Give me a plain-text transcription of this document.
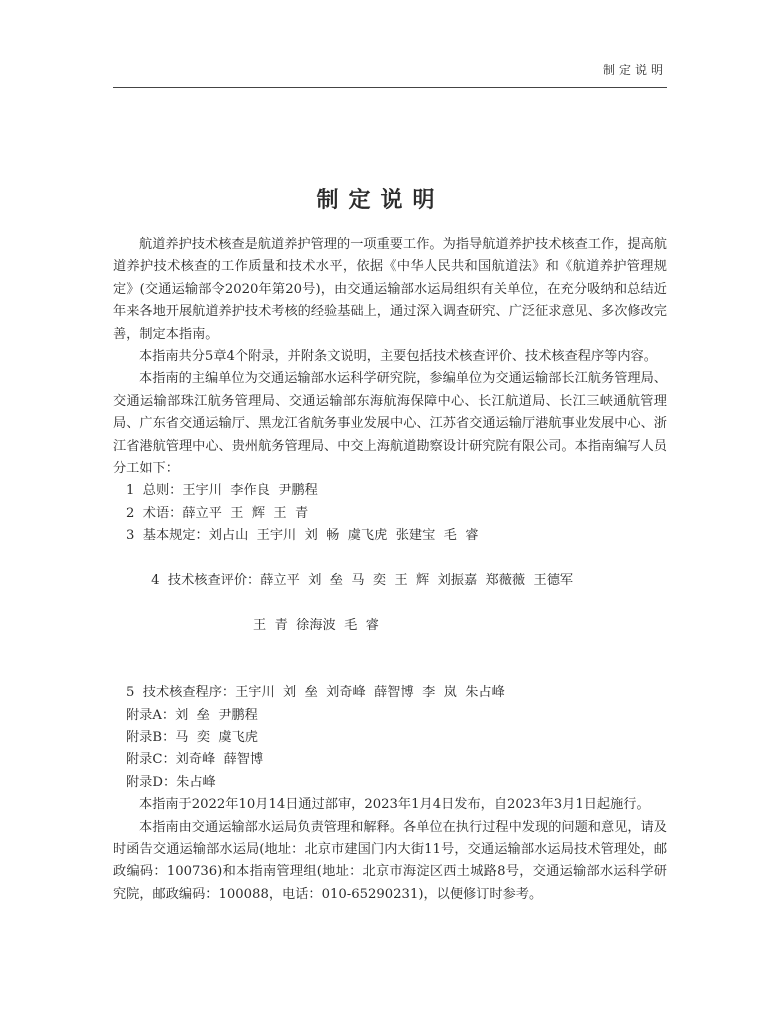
制定说明
制定说明

航道养护技术核查是航道养护管理的一项重要工作。为指导航道养护技术核查工作，提高航道养护技术核查的工作质量和技术水平，依据《中华人民共和国航道法》和《航道养护管理规定》(交通运输部令2020年第20号)，由交通运输部水运局组织有关单位，在充分吸纳和总结近年来各地开展航道养护技术考核的经验基础上，通过深入调查研究、广泛征求意见、多次修改完善，制定本指南。

本指南共分5章4个附录，并附条文说明，主要包括技术核查评价、技术核查程序等内容。

本指南的主编单位为交通运输部水运科学研究院，参编单位为交通运输部长江航务管理局、交通运输部珠江航务管理局、交通运输部东海航海保障中心、长江航道局、长江三峡通航管理局、广东省交通运输厅、黑龙江省航务事业发展中心、江苏省交通运输厅港航事业发展中心、浙江省港航管理中心、贵州航务管理局、中交上海航道勘察设计研究院有限公司。本指南编写人员分工如下：

1  总则：王宇川  李作良  尹鹏程
2  术语：薛立平  王  辉  王  青
3  基本规定：刘占山  王宇川  刘  畅  虞飞虎  张建宝  毛  睿

4  技术核查评价：薛立平  刘  垒  马  奕  王  辉  刘振嘉  郑薇薇  王德军

王  青  徐海波  毛  睿

5  技术核查程序：王宇川  刘  垒  刘奇峰  薛智博  李  岚  朱占峰
附录A：刘  垒  尹鹏程
附录B：马  奕  虞飞虎
附录C：刘奇峰  薛智博
附录D：朱占峰

本指南于2022年10月14日通过部审，2023年1月4日发布，自2023年3月1日起施行。

本指南由交通运输部水运局负责管理和解释。各单位在执行过程中发现的问题和意见，请及时函告交通运输部水运局(地址：北京市建国门内大街11号，交通运输部水运局技术管理处，邮政编码：100736)和本指南管理组(地址：北京市海淀区西土城路8号，交通运输部水运科学研究院，邮政编码：100088，电话：010-65290231)，以便修订时参考。
